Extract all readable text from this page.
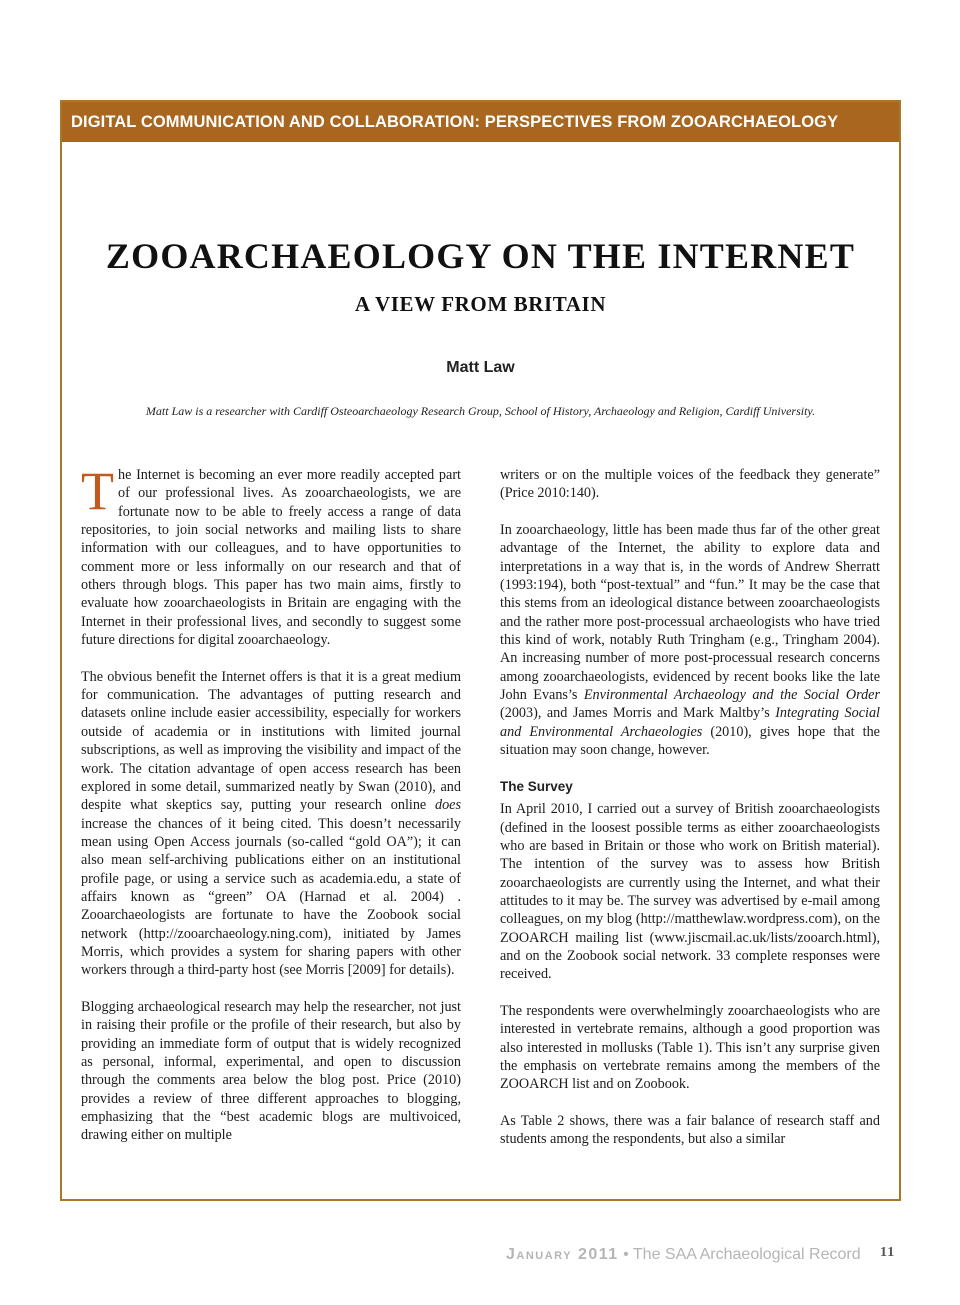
DIGITAL COMMUNICATION AND COLLABORATION: PERSPECTIVES FROM ZOOARCHAEOLOGY
ZOOARCHAEOLOGY ON THE INTERNET
A VIEW FROM BRITAIN
Matt Law
Matt Law is a researcher with Cardiff Osteoarchaeology Research Group, School of History, Archaeology and Religion, Cardiff University.

The Internet is becoming an ever more readily accepted part of our professional lives. As zooarchaeologists, we are fortunate now to be able to freely access a range of data repositories, to join social networks and mailing lists to share information with our colleagues, and to have opportunities to comment more or less informally on our research and that of others through blogs. This paper has two main aims, firstly to evaluate how zooarchaeologists in Britain are engaging with the Internet in their professional lives, and secondly to suggest some future directions for digital zooarchaeology.

The obvious benefit the Internet offers is that it is a great medium for communication. The advantages of putting research and datasets online include easier accessibility, especially for workers outside of academia or in institutions with limited journal subscriptions, as well as improving the visibility and impact of the work. The citation advantage of open access research has been explored in some detail, summarized neatly by Swan (2010), and despite what skeptics say, putting your research online does increase the chances of it being cited. This doesn’t necessarily mean using Open Access journals (so-called “gold OA”); it can also mean self-archiving publications either on an institutional profile page, or using a service such as academia.edu, a state of affairs known as “green” OA (Harnad et al. 2004) . Zooarchaeologists are fortunate to have the Zoobook social network (http://zooarchaeology.ning.com), initiated by James Morris, which provides a system for sharing papers with other workers through a third-party host (see Morris [2009] for details).

Blogging archaeological research may help the researcher, not just in raising their profile or the profile of their research, but also by providing an immediate form of output that is widely recognized as personal, informal, experimental, and open to discussion through the comments area below the blog post. Price (2010) provides a review of three different approaches to blogging, emphasizing that the “best academic blogs are multivoiced, drawing either on multiple

writers or on the multiple voices of the feedback they generate” (Price 2010:140).

In zooarchaeology, little has been made thus far of the other great advantage of the Internet, the ability to explore data and interpretations in a way that is, in the words of Andrew Sherratt (1993:194), both “post-textual” and “fun.” It may be the case that this stems from an ideological distance between zooarchaeologists and the rather more post-processual archaeologists who have tried this kind of work, notably Ruth Tringham (e.g., Tringham 2004). An increasing number of more post-processual research concerns among zooarchaeologists, evidenced by recent books like the late John Evans’s Environmental Archaeology and the Social Order (2003), and James Morris and Mark Maltby’s Integrating Social and Environmental Archaeologies (2010), gives hope that the situation may soon change, however.

The Survey

In April 2010, I carried out a survey of British zooarchaeologists (defined in the loosest possible terms as either zooarchaeologists who are based in Britain or those who work on British material). The intention of the survey was to assess how British zooarchaeologists are currently using the Internet, and what their attitudes to it may be. The survey was advertised by e-mail among colleagues, on my blog (http://matthewlaw.wordpress.com), on the ZOOARCH mailing list (www.jiscmail.ac.uk/lists/zooarch.html), and on the Zoobook social network. 33 complete responses were received.

The respondents were overwhelmingly zooarchaeologists who are interested in vertebrate remains, although a good proportion was also interested in mollusks (Table 1). This isn’t any surprise given the emphasis on vertebrate remains among the members of the ZOOARCH list and on Zoobook.

As Table 2 shows, there was a fair balance of research staff and students among the respondents, but also a similar

January 2011 • The SAA Archaeological Record 11
